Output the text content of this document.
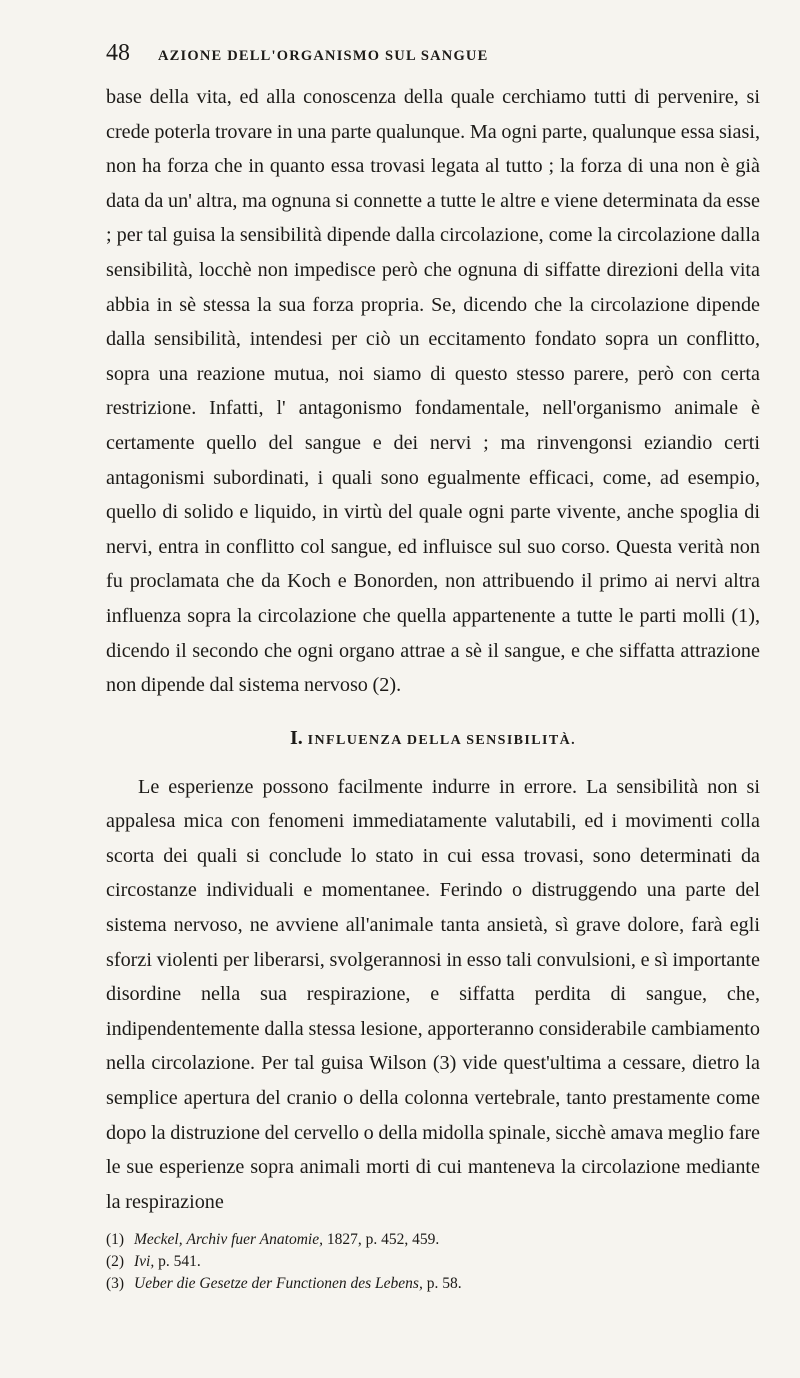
48	AZIONE DELL'ORGANISMO SUL SANGUE

base della vita, ed alla conoscenza della quale cerchiamo tutti di pervenire, si crede poterla trovare in una parte qualunque. Ma ogni parte, qualunque essa siasi, non ha forza che in quanto essa trovasi legata al tutto ; la forza di una non è già data da un' altra, ma ognuna si connette a tutte le altre e viene determinata da esse ; per tal guisa la sensibilità dipende dalla circolazione, come la circolazione dalla sensibilità, locchè non impedisce però che ognuna di siffatte direzioni della vita abbia in sè stessa la sua forza propria. Se, dicendo che la circolazione dipende dalla sensibilità, intendesi per ciò un eccitamento fondato sopra un conflitto, sopra una reazione mutua, noi siamo di questo stesso parere, però con certa restrizione. Infatti, l' antagonismo fondamentale, nell'organismo animale è certamente quello del sangue e dei nervi ; ma rinvengonsi eziandio certi antagonismi subordinati, i quali sono egualmente efficaci, come, ad esempio, quello di solido e liquido, in virtù del quale ogni parte vivente, anche spoglia di nervi, entra in conflitto col sangue, ed influisce sul suo corso. Questa verità non fu proclamata che da Koch e Bonorden, non attribuendo il primo ai nervi altra influenza sopra la circolazione che quella appartenente a tutte le parti molli (1), dicendo il secondo che ogni organo attrae a sè il sangue, e che siffatta attrazione non dipende dal sistema nervoso (2).

I. INFLUENZA DELLA SENSIBILITÀ.

Le esperienze possono facilmente indurre in errore. La sensibilità non si appalesa mica con fenomeni immediatamente valutabili, ed i movimenti colla scorta dei quali si conclude lo stato in cui essa trovasi, sono determinati da circostanze individuali e momentanee. Ferindo o distruggendo una parte del sistema nervoso, ne avviene all'animale tanta ansietà, sì grave dolore, farà egli sforzi violenti per liberarsi, svolgerannosi in esso tali convulsioni, e sì importante disordine nella sua respirazione, e siffatta perdita di sangue, che, indipendentemente dalla stessa lesione, apporteranno considerabile cambiamento nella circolazione. Per tal guisa Wilson (3) vide quest'ultima a cessare, dietro la semplice apertura del cranio o della colonna vertebrale, tanto prestamente come dopo la distruzione del cervello o della midolla spinale, sicchè amava meglio fare le sue esperienze sopra animali morti di cui manteneva la circolazione mediante la respirazione

(1) Meckel, Archiv fuer Anatomie, 1827, p. 452, 459.
(2) Ivi, p. 541.
(3) Ueber die Gesetze der Functionen des Lebens, p. 58.
